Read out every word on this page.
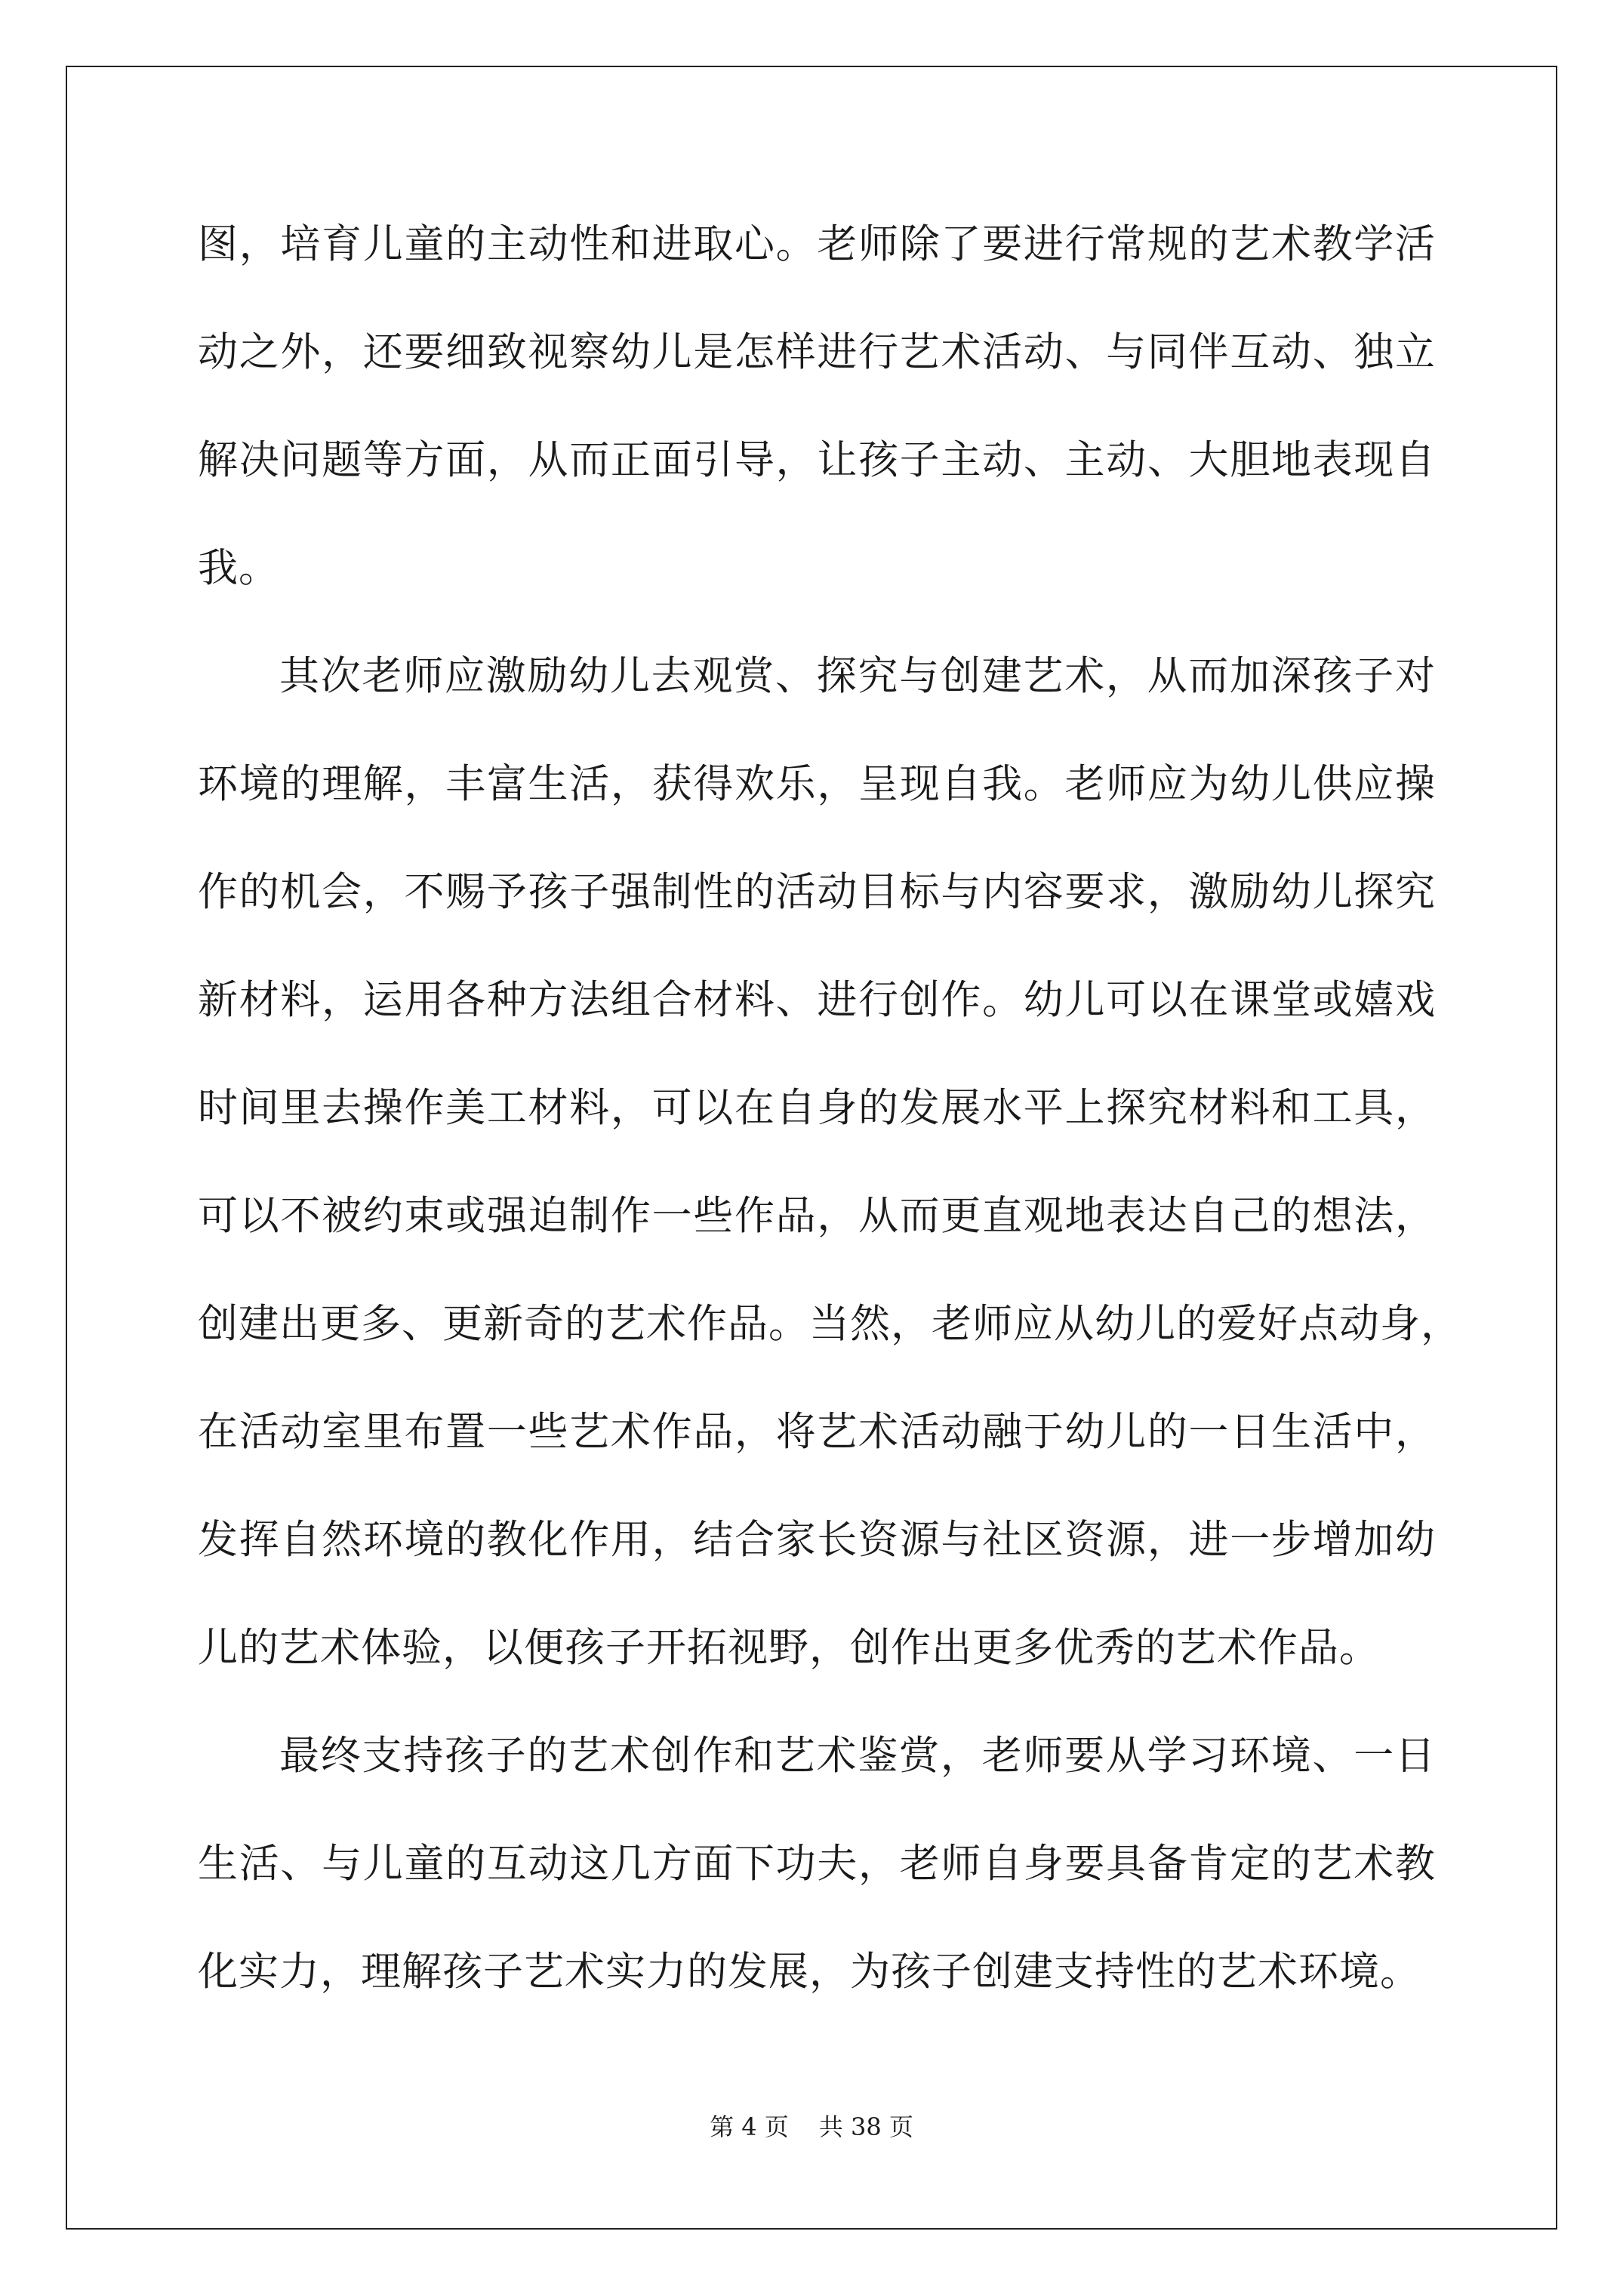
图，培育儿童的主动性和进取心。老师除了要进行常规的艺术教学活
动之外，还要细致视察幼儿是怎样进行艺术活动、与同伴互动、独立
解决问题等方面，从而正面引导，让孩子主动、主动、大胆地表现自
我。
其次老师应激励幼儿去观赏、探究与创建艺术，从而加深孩子对
环境的理解，丰富生活，获得欢乐，呈现自我。老师应为幼儿供应操
作的机会，不赐予孩子强制性的活动目标与内容要求，激励幼儿探究
新材料，运用各种方法组合材料、进行创作。幼儿可以在课堂或嬉戏
时间里去操作美工材料，可以在自身的发展水平上探究材料和工具，
可以不被约束或强迫制作一些作品，从而更直观地表达自己的想法，
创建出更多、更新奇的艺术作品。当然，老师应从幼儿的爱好点动身，
在活动室里布置一些艺术作品，将艺术活动融于幼儿的一日生活中，
发挥自然环境的教化作用，结合家长资源与社区资源，进一步增加幼
儿的艺术体验，以便孩子开拓视野，创作出更多优秀的艺术作品。
最终支持孩子的艺术创作和艺术鉴赏，老师要从学习环境、一日
生活、与儿童的互动这几方面下功夫，老师自身要具备肯定的艺术教
化实力，理解孩子艺术实力的发展，为孩子创建支持性的艺术环境。
第 4 页 共 38 页
